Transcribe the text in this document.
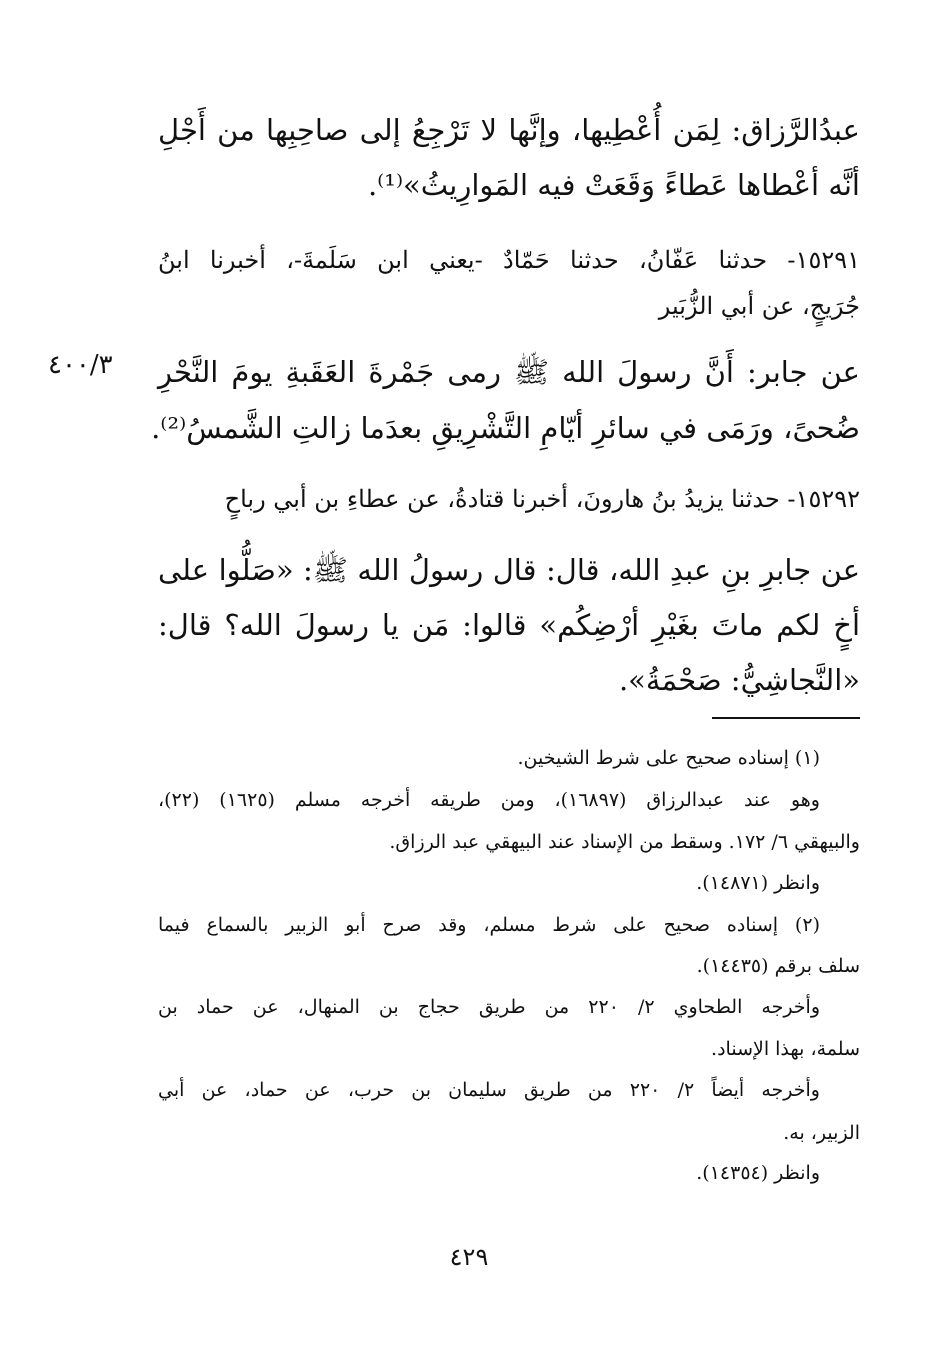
عبدُالرَّزاق: لِمَن أُعْطِيها، وإنَّها لا تَرْجِعُ إلى صاحِبِها من أَجْلِ
أنَّه أعْطاها عَطاءً وَقَعَتْ فيه المَوارِيثُ»⁽¹⁾.
١٥٢٩١- حدثنا عَفّانُ، حدثنا حَمّادٌ -يعني ابن سَلَمةَ-، أخبرنا ابنُ
جُرَيجٍ، عن أبي الزُّبَير
٤٠٠/٣ عن جابر: أَنَّ رسولَ الله ﷺ رمى جَمْرةَ العَقَبةِ يومَ النَّحْرِ
ضُحىً، ورَمَى في سائرِ أيّامِ التَّشْرِيقِ بعدَما زالتِ الشَّمسُ⁽²⁾.
١٥٢٩٢- حدثنا يزيدُ بنُ هارونَ، أخبرنا قتادةُ، عن عطاءِ بن أبي رباحٍ
عن جابرِ بنِ عبدِ الله، قال: قال رسولُ الله ﷺ: «صَلُّوا على
أخٍ لكم ماتَ بغَيْرِ أرْضِكُم» قالوا: مَن يا رسولَ الله؟ قال:
«النَّجاشِيُّ: صَحْمَةُ».
(١) إسناده صحيح على شرط الشيخين.
وهو عند عبدالرزاق (١٦٨٩٧)، ومن طريقه أخرجه مسلم (١٦٢٥) (٢٢)،
والبيهقي ٦/ ١٧٢. وسقط من الإسناد عند البيهقي عبد الرزاق.
وانظر (١٤٨٧١).
(٢) إسناده صحيح على شرط مسلم، وقد صرح أبو الزبير بالسماع فيما
سلف برقم (١٤٤٣٥).
وأخرجه الطحاوي ٢/ ٢٢٠ من طريق حجاج بن المنهال، عن حماد بن
سلمة، بهذا الإسناد.
وأخرجه أيضاً ٢/ ٢٢٠ من طريق سليمان بن حرب، عن حماد، عن أبي
الزبير، به.
وانظر (١٤٣٥٤).
٤٢٩
